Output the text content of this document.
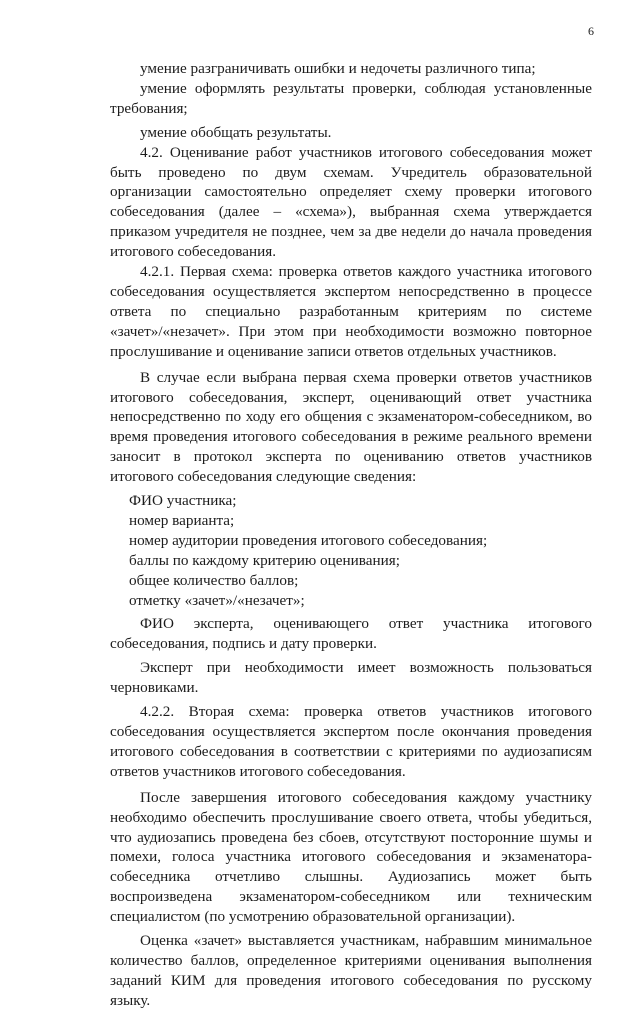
6

умение разграничивать ошибки и недочеты различного типа;

умение оформлять результаты проверки, соблюдая установленные требования;

умение обобщать результаты.

4.2. Оценивание работ участников итогового собеседования может быть проведено по двум схемам. Учредитель образовательной организации самостоятельно определяет схему проверки итогового собеседования (далее – «схема»), выбранная схема утверждается приказом учредителя не позднее, чем за две недели до начала проведения итогового собеседования.

4.2.1. Первая схема: проверка ответов каждого участника итогового собеседования осуществляется экспертом непосредственно в процессе ответа по специально разработанным критериям по системе «зачет»/«незачет». При этом при необходимости возможно повторное прослушивание и оценивание записи ответов отдельных участников.

В случае если выбрана первая схема проверки ответов участников итогового собеседования, эксперт, оценивающий ответ участника непосредственно по ходу его общения с экзаменатором-собеседником, во время проведения итогового собеседования в режиме реального времени заносит в протокол эксперта по оцениванию ответов участников итогового собеседования следующие сведения:

ФИО участника;

номер варианта;

номер аудитории проведения итогового собеседования;

баллы по каждому критерию оценивания;

общее количество баллов;

отметку «зачет»/«незачет»;

ФИО эксперта, оценивающего ответ участника итогового собеседования, подпись и дату проверки.

Эксперт при необходимости имеет возможность пользоваться черновиками.

4.2.2. Вторая схема: проверка ответов участников итогового собеседования осуществляется экспертом после окончания проведения итогового собеседования в соответствии с критериями по аудиозаписям ответов участников итогового собеседования.

После завершения итогового собеседования каждому участнику необходимо обеспечить прослушивание своего ответа, чтобы убедиться, что аудиозапись проведена без сбоев, отсутствуют посторонние шумы и помехи, голоса участника итогового собеседования и экзаменатора-собеседника отчетливо слышны. Аудиозапись может быть воспроизведена экзаменатором-собеседником или техническим специалистом (по усмотрению образовательной организации).

Оценка «зачет» выставляется участникам, набравшим минимальное количество баллов, определенное критериями оценивания выполнения заданий КИМ для проведения итогового собеседования по русскому языку.
